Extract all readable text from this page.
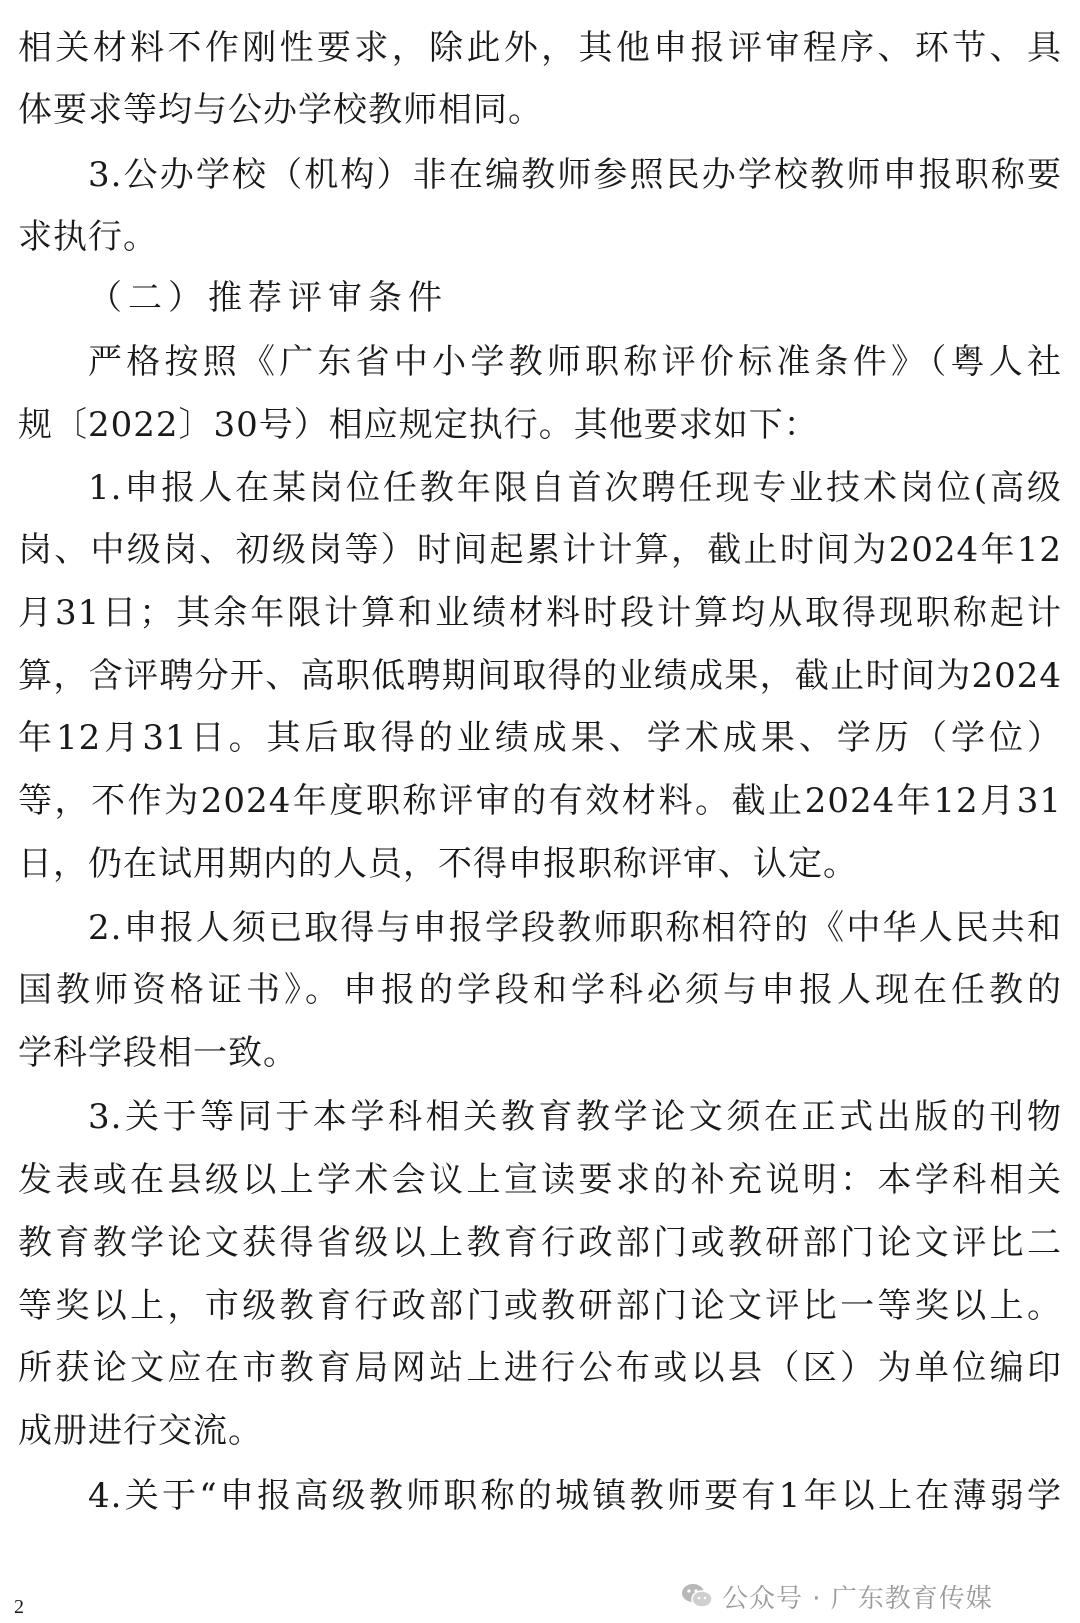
相关材料不作刚性要求，除此外，其他申报评审程序、环节、具
体要求等均与公办学校教师相同。
3.公办学校（机构）非在编教师参照民办学校教师申报职称要
求执行。
（二）推荐评审条件
严格按照《广东省中小学教师职称评价标准条件》（粤人社
规〔2022〕30号）相应规定执行。其他要求如下：
1.申报人在某岗位任教年限自首次聘任现专业技术岗位(高级
岗、中级岗、初级岗等）时间起累计计算，截止时间为2024年12
月31日；其余年限计算和业绩材料时段计算均从取得现职称起计
算，含评聘分开、高职低聘期间取得的业绩成果，截止时间为2024
年12月31日。其后取得的业绩成果、学术成果、学历（学位）
等，不作为2024年度职称评审的有效材料。截止2024年12月31
日，仍在试用期内的人员，不得申报职称评审、认定。
2.申报人须已取得与申报学段教师职称相符的《中华人民共和
国教师资格证书》。申报的学段和学科必须与申报人现在任教的
学科学段相一致。
3.关于等同于本学科相关教育教学论文须在正式出版的刊物
发表或在县级以上学术会议上宣读要求的补充说明：本学科相关
教育教学论文获得省级以上教育行政部门或教研部门论文评比二
等奖以上，市级教育行政部门或教研部门论文评比一等奖以上。
所获论文应在市教育局网站上进行公布或以县（区）为单位编印
成册进行交流。
4.关于“申报高级教师职称的城镇教师要有1年以上在薄弱学
2	公众号 · 广东教育传媒
